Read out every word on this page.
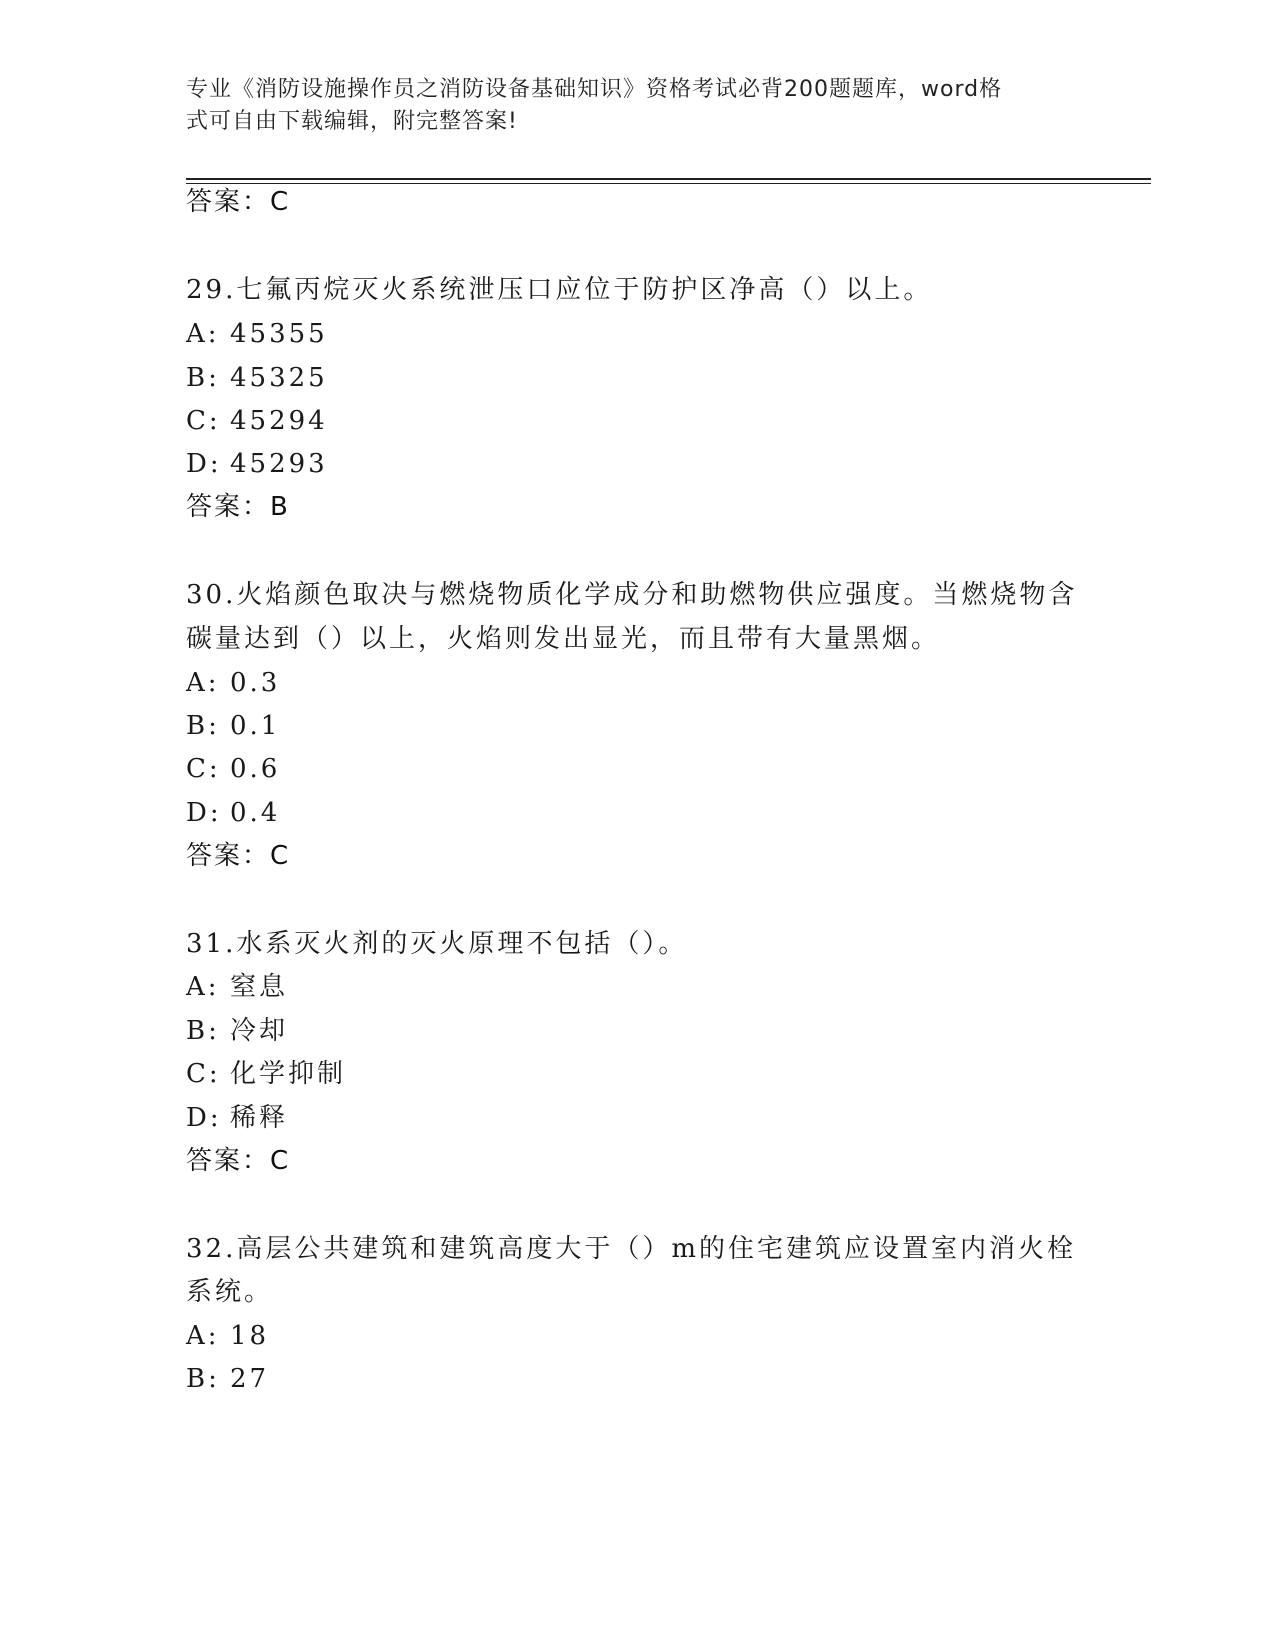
专业《消防设施操作员之消防设备基础知识》资格考试必背200题题库，word格
式可自由下载编辑，附完整答案!
答案：C
29.七氟丙烷灭火系统泄压口应位于防护区净高（）以上。
A: 45355
B: 45325
C: 45294
D: 45293
答案：B
30.火焰颜色取决与燃烧物质化学成分和助燃物供应强度。当燃烧物含
碳量达到（）以上，火焰则发出显光，而且带有大量黑烟。
A: 0.3
B: 0.1
C: 0.6
D: 0.4
答案：C
31.水系灭火剂的灭火原理不包括（）。
A: 窒息
B: 冷却
C: 化学抑制
D: 稀释
答案：C
32.高层公共建筑和建筑高度大于（）m的住宅建筑应设置室内消火栓
系统。
A: 18
B: 27
